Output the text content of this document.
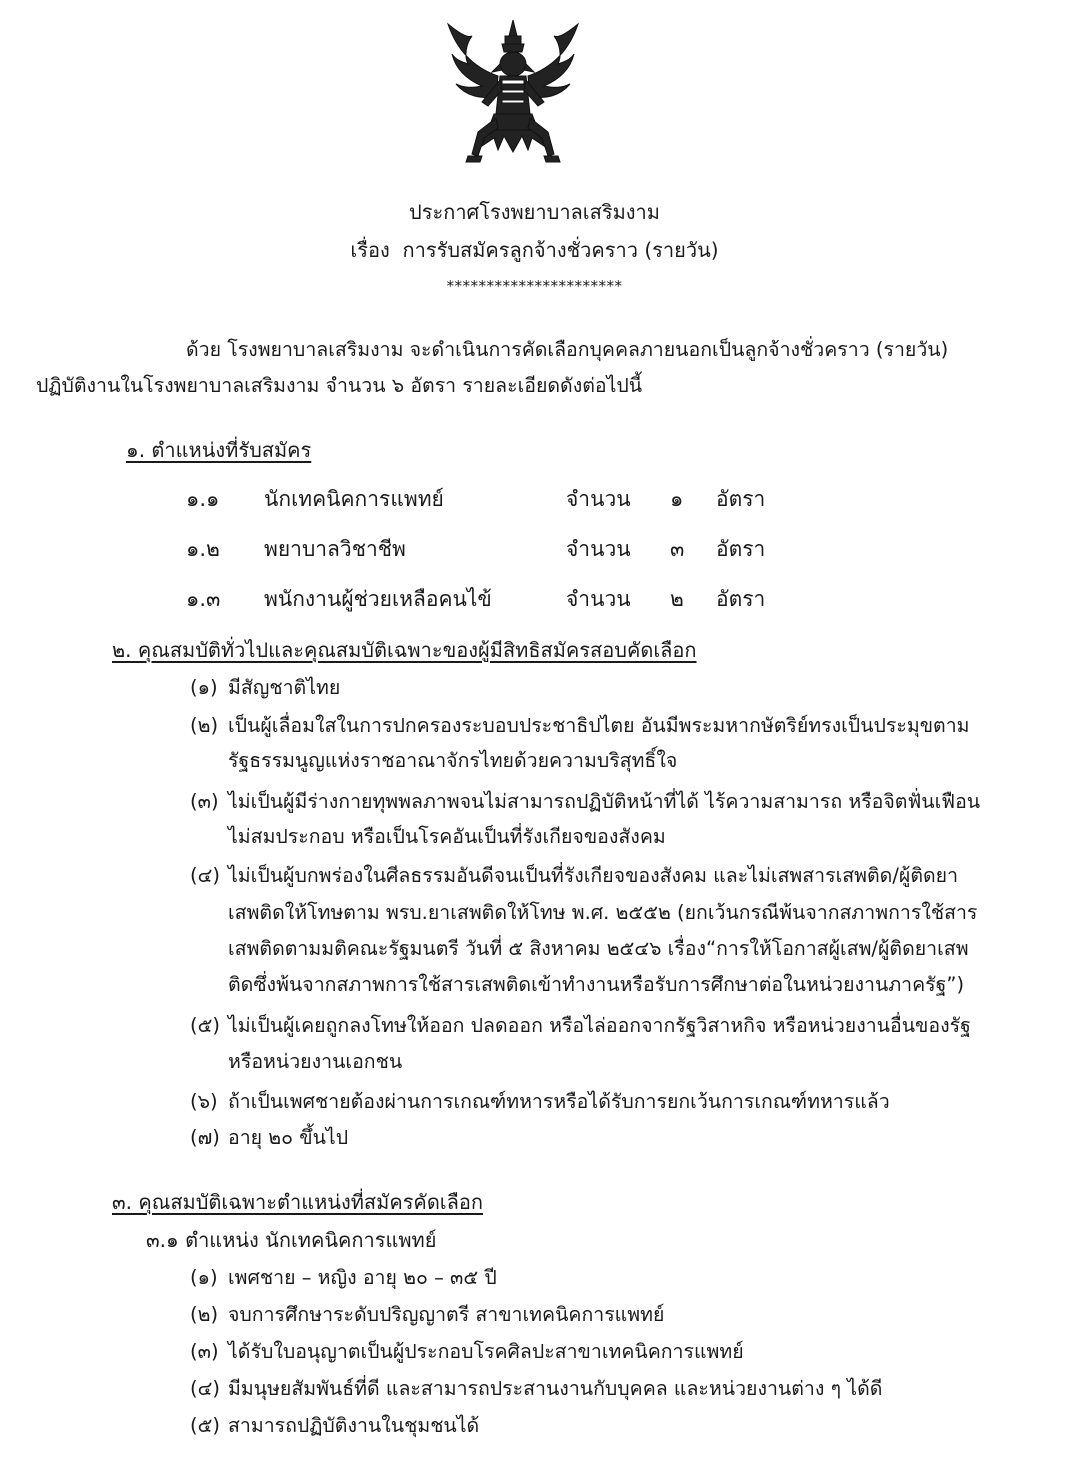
ประกาศโรงพยาบาลเสริมงาม
เรื่อง การรับสมัครลูกจ้างชั่วคราว (รายวัน)
**********************
ด้วย โรงพยาบาลเสริมงาม จะดำเนินการคัดเลือกบุคคลภายนอกเป็นลูกจ้างชั่วคราว (รายวัน)
ปฏิบัติงานในโรงพยาบาลเสริมงาม จำนวน ๖ อัตรา รายละเอียดดังต่อไปนี้
๑. ตำแหน่งที่รับสมัคร
๑.๑ นักเทคนิคการแพทย์	จำนวน ๑ อัตรา
๑.๒ พยาบาลวิชาชีพ	จำนวน ๓ อัตรา
๑.๓ พนักงานผู้ช่วยเหลือคนไข้	จำนวน ๒ อัตรา
๒. คุณสมบัติทั่วไปและคุณสมบัติเฉพาะของผู้มีสิทธิสมัครสอบคัดเลือก
(๑) มีสัญชาติไทย
(๒) เป็นผู้เลื่อมใสในการปกครองระบอบประชาธิปไตย อันมีพระมหากษัตริย์ทรงเป็นประมุขตาม
รัฐธรรมนูญแห่งราชอาณาจักรไทยด้วยความบริสุทธิ์ใจ
(๓) ไม่เป็นผู้มีร่างกายทุพพลภาพจนไม่สามารถปฏิบัติหน้าที่ได้ ไร้ความสามารถ หรือจิตฟั่นเฟือน
ไม่สมประกอบ หรือเป็นโรคอันเป็นที่รังเกียจของสังคม
(๔) ไม่เป็นผู้บกพร่องในศีลธรรมอันดีจนเป็นที่รังเกียจของสังคม และไม่เสพสารเสพติด/ผู้ติดยา
เสพติดให้โทษตาม พรบ.ยาเสพติดให้โทษ พ.ศ. ๒๕๕๒ (ยกเว้นกรณีพ้นจากสภาพการใช้สาร
เสพติดตามมติคณะรัฐมนตรี วันที่ ๕ สิงหาคม ๒๕๔๖ เรื่อง“การให้โอกาสผู้เสพ/ผู้ติดยาเสพ
ติดซึ่งพ้นจากสภาพการใช้สารเสพติดเข้าทำงานหรือรับการศึกษาต่อในหน่วยงานภาครัฐ”)
(๕) ไม่เป็นผู้เคยถูกลงโทษให้ออก ปลดออก หรือไล่ออกจากรัฐวิสาหกิจ หรือหน่วยงานอื่นของรัฐ
หรือหน่วยงานเอกชน
(๖) ถ้าเป็นเพศชายต้องผ่านการเกณฑ์ทหารหรือได้รับการยกเว้นการเกณฑ์ทหารแล้ว
(๗) อายุ ๒๐ ขึ้นไป
๓. คุณสมบัติเฉพาะตำแหน่งที่สมัครคัดเลือก
๓.๑ ตำแหน่ง นักเทคนิคการแพทย์
(๑) เพศชาย – หญิง อายุ ๒๐ – ๓๕ ปี
(๒) จบการศึกษาระดับปริญญาตรี สาขาเทคนิคการแพทย์
(๓) ได้รับใบอนุญาตเป็นผู้ประกอบโรคศิลปะสาขาเทคนิคการแพทย์
(๔) มีมนุษยสัมพันธ์ที่ดี และสามารถประสานงานกับบุคคล และหน่วยงานต่าง ๆ ได้ดี
(๕) สามารถปฏิบัติงานในชุมชนได้
